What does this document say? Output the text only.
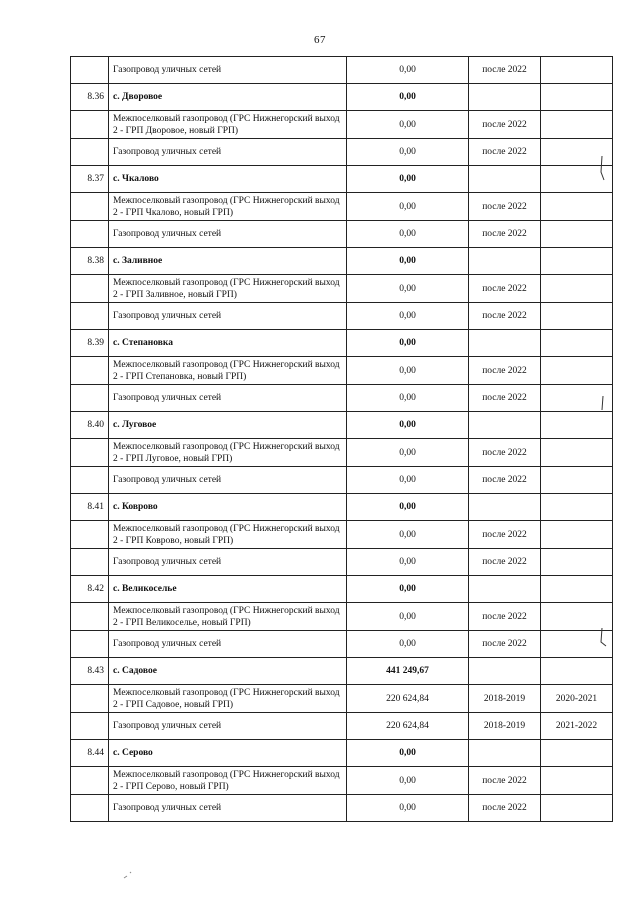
67
	Газопровод уличных сетей	0,00	после 2022	
8.36	с. Дворовое	0,00		
	Межпоселковый газопровод (ГРС Нижнегорский выход 2 - ГРП Дворовое, новый ГРП)	0,00	после 2022	
	Газопровод уличных сетей	0,00	после 2022	
8.37	с. Чкалово	0,00		
	Межпоселковый газопровод (ГРС Нижнегорский выход 2 - ГРП Чкалово, новый ГРП)	0,00	после 2022	
	Газопровод уличных сетей	0,00	после 2022	
8.38	с. Заливное	0,00		
	Межпоселковый газопровод (ГРС Нижнегорский выход 2 - ГРП Заливное, новый ГРП)	0,00	после 2022	
	Газопровод уличных сетей	0,00	после 2022	
8.39	с. Степановка	0,00		
	Межпоселковый газопровод (ГРС Нижнегорский выход 2 - ГРП Степановка, новый ГРП)	0,00	после 2022	
	Газопровод уличных сетей	0,00	после 2022	
8.40	с. Луговое	0,00		
	Межпоселковый газопровод (ГРС Нижнегорский выход 2 - ГРП Луговое, новый ГРП)	0,00	после 2022	
	Газопровод уличных сетей	0,00	после 2022	
8.41	с. Коврово	0,00		
	Межпоселковый газопровод (ГРС Нижнегорский выход 2 - ГРП Коврово, новый ГРП)	0,00	после 2022	
	Газопровод уличных сетей	0,00	после 2022	
8.42	с. Великоселье	0,00		
	Межпоселковый газопровод (ГРС Нижнегорский выход 2 - ГРП Великоселье, новый ГРП)	0,00	после 2022	
	Газопровод уличных сетей	0,00	после 2022	
8.43	с. Садовое	441 249,67		
	Межпоселковый газопровод (ГРС Нижнегорский выход 2 - ГРП Садовое, новый ГРП)	220 624,84	2018-2019	2020-2021
	Газопровод уличных сетей	220 624,84	2018-2019	2021-2022
8.44	с. Серово	0,00		
	Межпоселковый газопровод (ГРС Нижнегорский выход 2 - ГРП Серово, новый ГРП)	0,00	после 2022	
	Газопровод уличных сетей	0,00	после 2022	
